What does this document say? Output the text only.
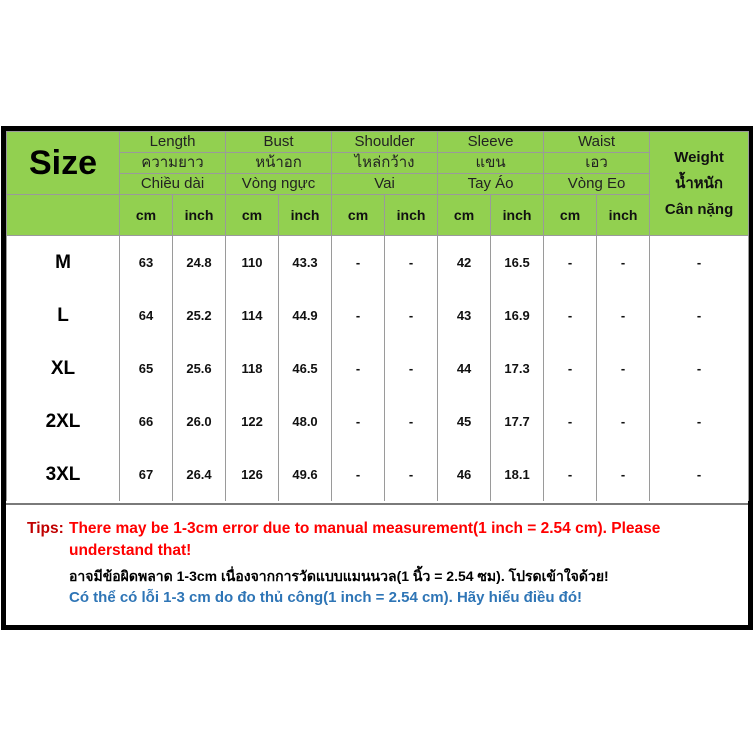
Size	Length		Bust		Shoulder		Sleeve		Waist		Weight
น้ำหนัก
Cân nặng

	ความยาว		หน้าอก		ไหล่กว้าง		แขน		เอว		
	Chiều dài		Vòng ngực		Vai		Tay Áo		Vòng Eo		
	cm	inch	cm	inch	cm	inch	cm	inch	cm	inch	
M	63	24.8	110	43.3	-	-	42	16.5	-	-	-
L	64	25.2	114	44.9	-	-	43	16.9	-	-	-
XL	65	25.6	118	46.5	-	-	44	17.3	-	-	-
2XL	66	26.0	122	48.0	-	-	45	17.7	-	-	-
3XL	67	26.4	126	49.6	-	-	46	18.1	-	-	-
Tips: There may be 1-3cm error due to manual measurement(1 inch = 2.54 cm). Please understand that!
อาจมีข้อผิดพลาด 1-3cm เนื่องจากการวัดแบบแมนนวล(1 นิ้ว = 2.54 ซม). โปรดเข้าใจด้วย!
Có thể có lỗi 1-3 cm do đo thủ công(1 inch = 2.54 cm). Hãy hiểu điều đó!
